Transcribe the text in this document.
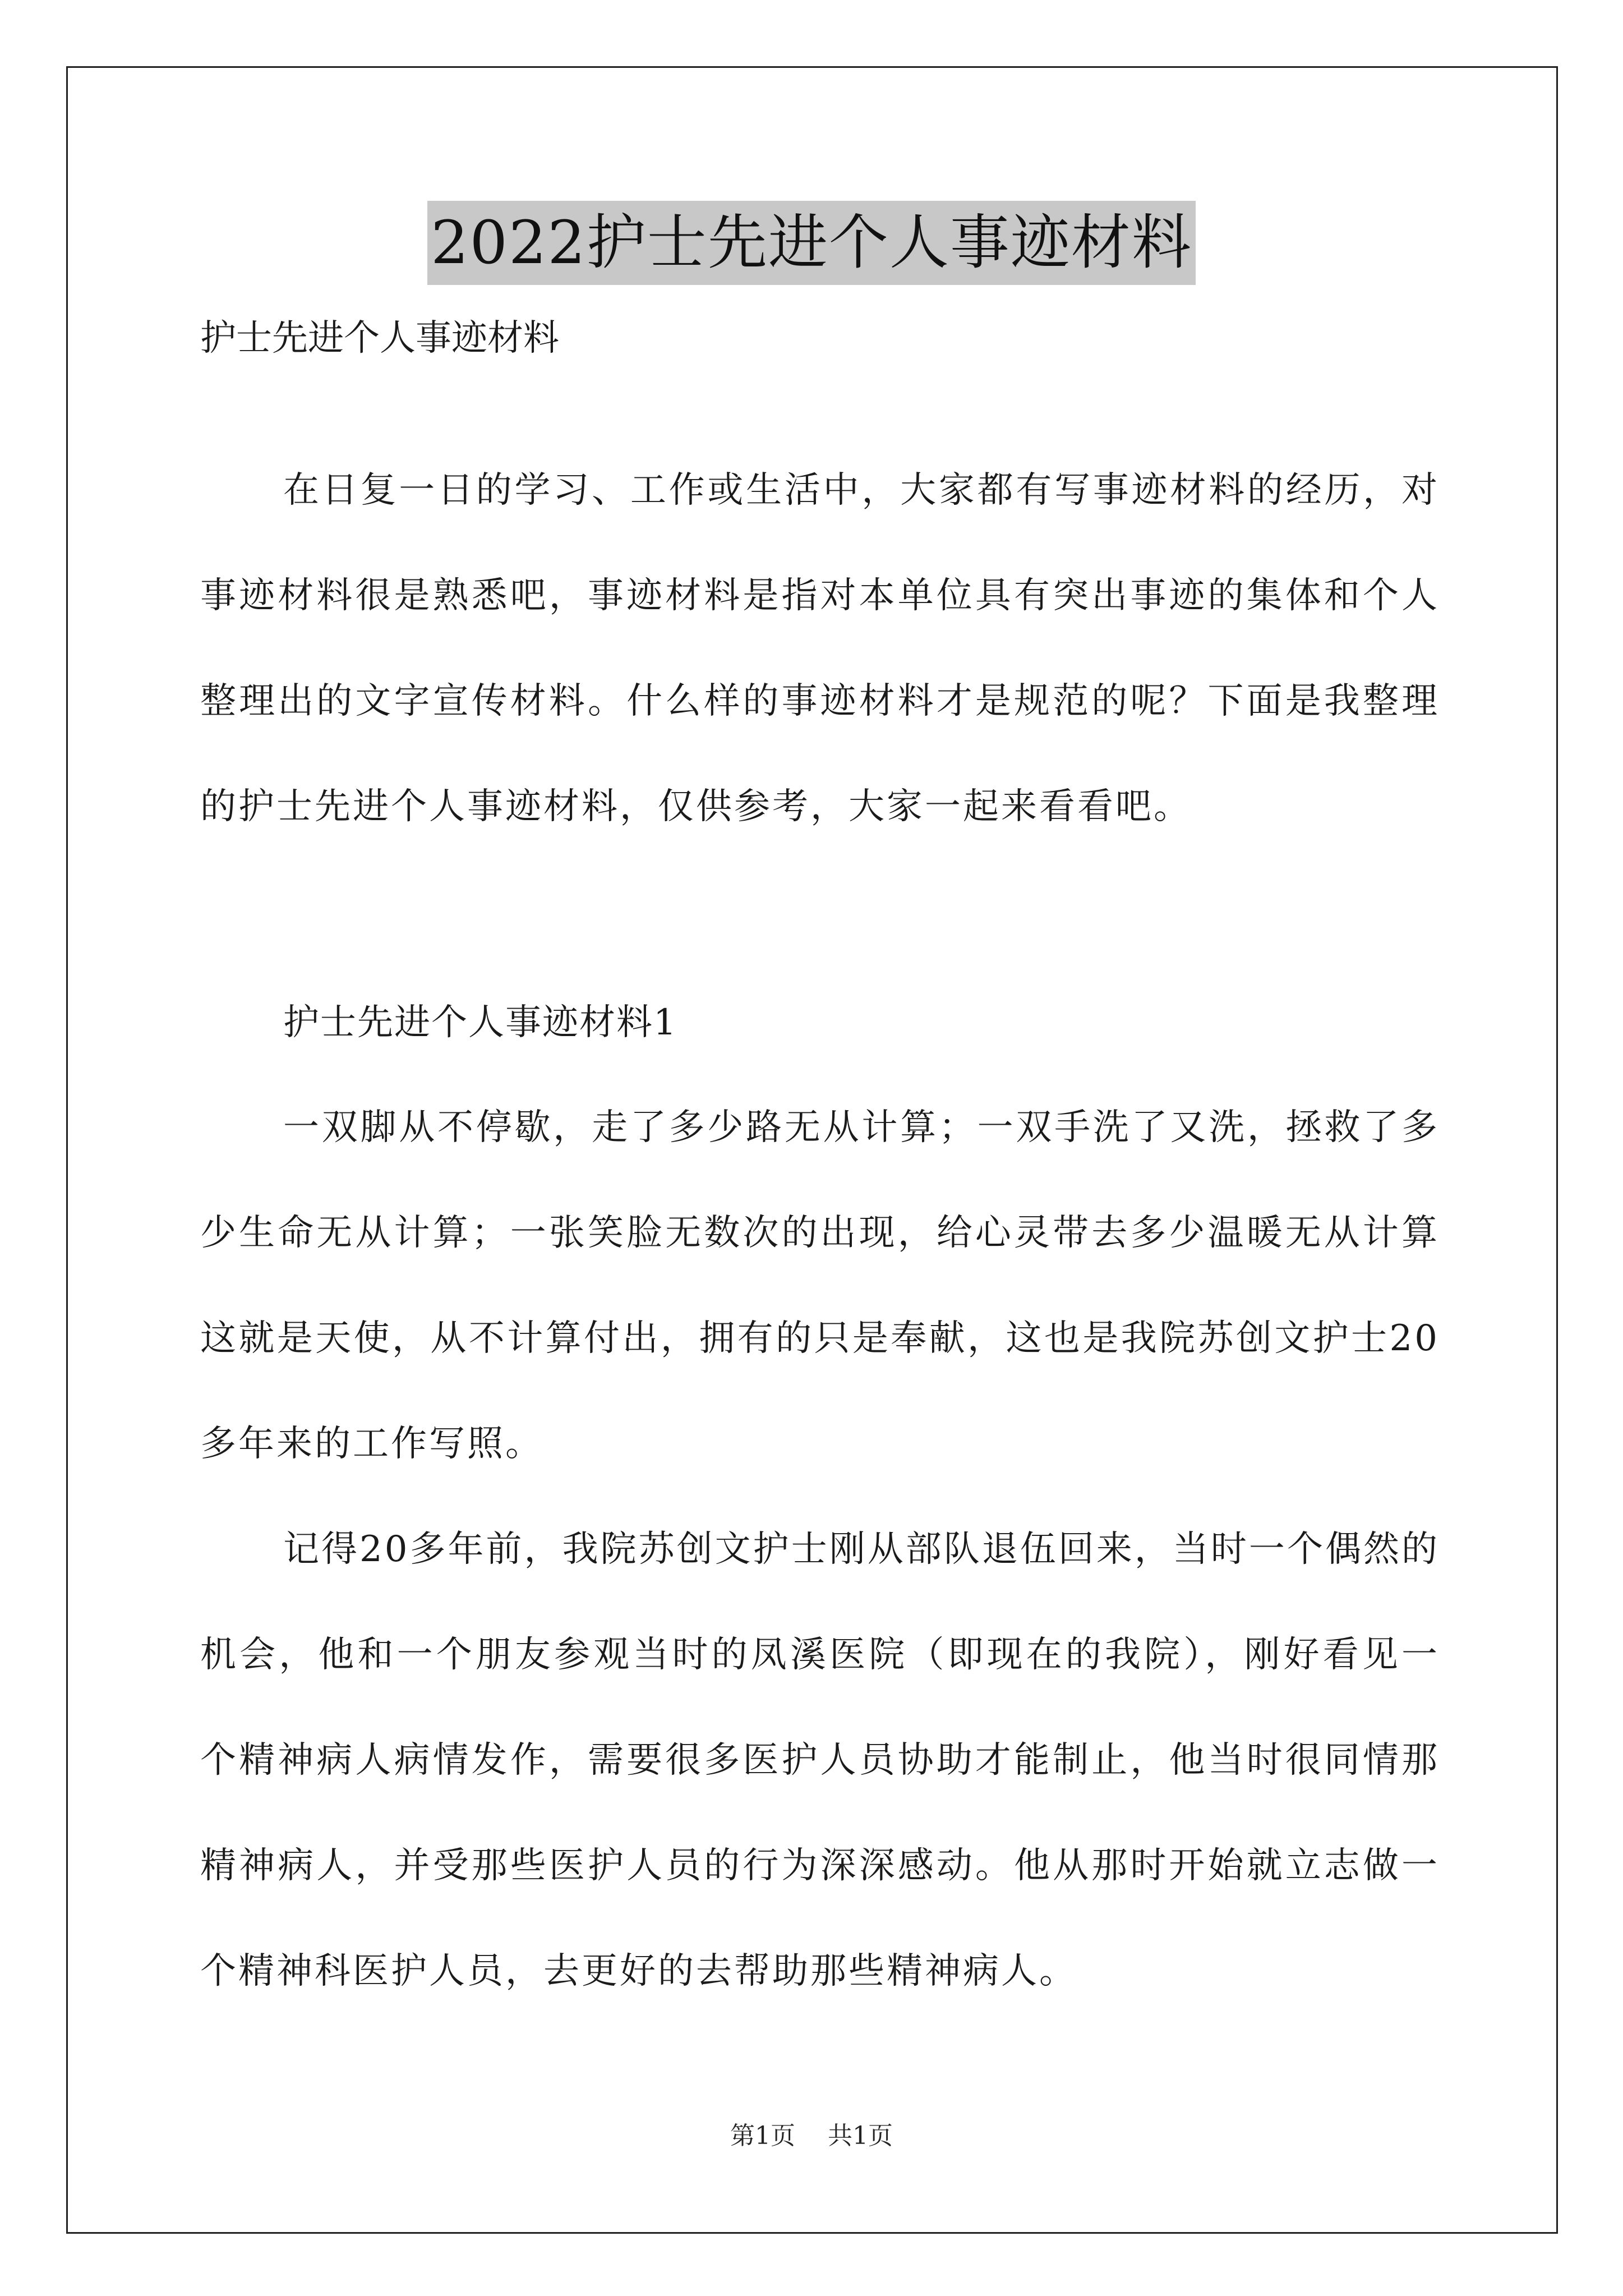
2022护士先进个人事迹材料
护士先进个人事迹材料

在日复一日的学习、工作或生活中，大家都有写事迹材料的经历，对事迹材料很是熟悉吧，事迹材料是指对本单位具有突出事迹的集体和个人整理出的文字宣传材料。什么样的事迹材料才是规范的呢？下面是我整理的护士先进个人事迹材料，仅供参考，大家一起来看看吧。

护士先进个人事迹材料1

一双脚从不停歇，走了多少路无从计算；一双手洗了又洗，拯救了多少生命无从计算；一张笑脸无数次的出现，给心灵带去多少温暖无从计算这就是天使，从不计算付出，拥有的只是奉献，这也是我院苏创文护士20多年来的工作写照。

记得20多年前，我院苏创文护士刚从部队退伍回来，当时一个偶然的机会，他和一个朋友参观当时的凤溪医院（即现在的我院），刚好看见一个精神病人病情发作，需要很多医护人员协助才能制止，他当时很同情那精神病人，并受那些医护人员的行为深深感动。他从那时开始就立志做一个精神科医护人员，去更好的去帮助那些精神病人。

第1页 共1页
